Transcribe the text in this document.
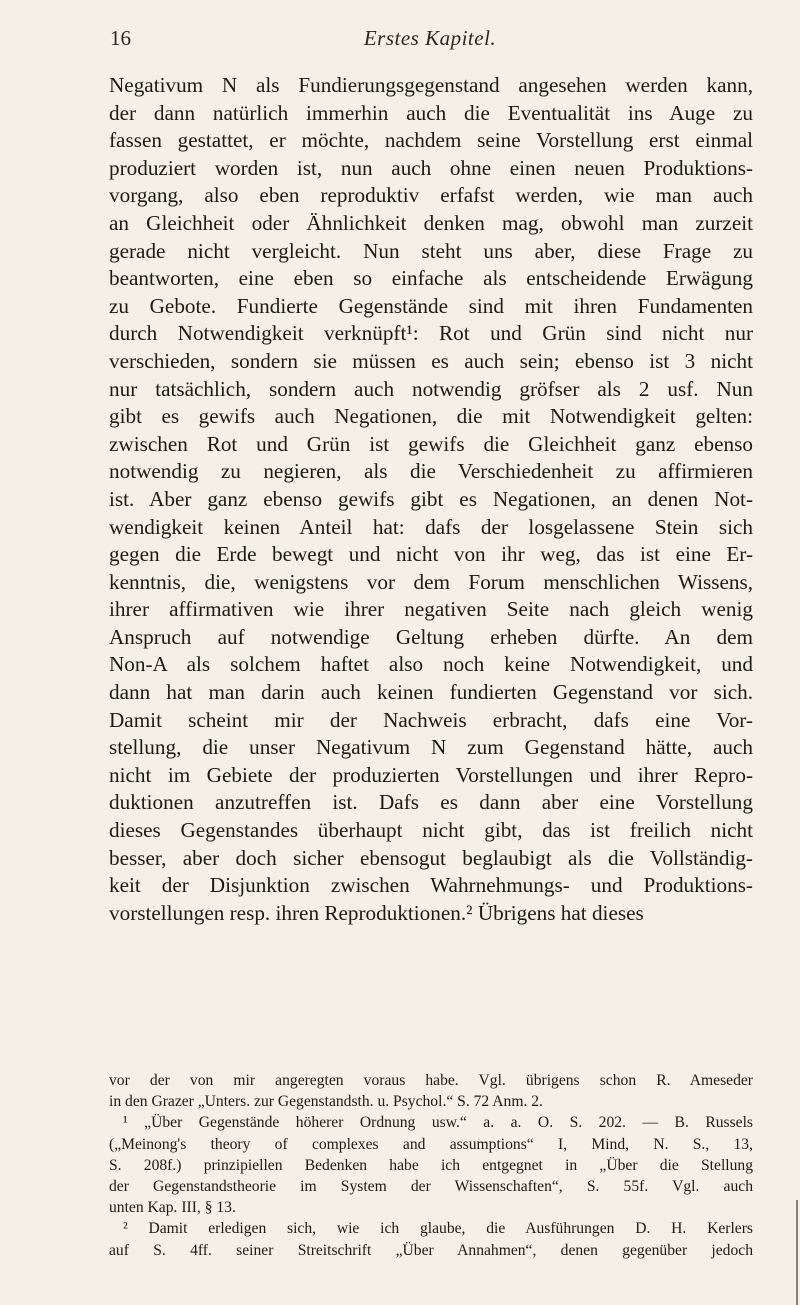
16	Erstes Kapitel.
Negativum N als Fundierungsgegenstand angesehen werden kann,
der dann natürlich immerhin auch die Eventualität ins Auge zu
fassen gestattet, er möchte, nachdem seine Vorstellung erst einmal
produziert worden ist, nun auch ohne einen neuen Produktions-
vorgang, also eben reproduktiv erfafst werden, wie man auch
an Gleichheit oder Ähnlichkeit denken mag, obwohl man zurzeit
gerade nicht vergleicht. Nun steht uns aber, diese Frage zu
beantworten, eine eben so einfache als entscheidende Erwägung
zu Gebote. Fundierte Gegenstände sind mit ihren Fundamenten
durch Notwendigkeit verknüpft¹: Rot und Grün sind nicht nur
verschieden, sondern sie müssen es auch sein; ebenso ist 3 nicht
nur tatsächlich, sondern auch notwendig gröfser als 2 usf. Nun
gibt es gewifs auch Negationen, die mit Notwendigkeit gelten:
zwischen Rot und Grün ist gewifs die Gleichheit ganz ebenso
notwendig zu negieren, als die Verschiedenheit zu affirmieren
ist. Aber ganz ebenso gewifs gibt es Negationen, an denen Not-
wendigkeit keinen Anteil hat: dafs der losgelassene Stein sich
gegen die Erde bewegt und nicht von ihr weg, das ist eine Er-
kenntnis, die, wenigstens vor dem Forum menschlichen Wissens,
ihrer affirmativen wie ihrer negativen Seite nach gleich wenig
Anspruch auf notwendige Geltung erheben dürfte. An dem
Non-A als solchem haftet also noch keine Notwendigkeit, und
dann hat man darin auch keinen fundierten Gegenstand vor sich.
Damit scheint mir der Nachweis erbracht, dafs eine Vor-
stellung, die unser Negativum N zum Gegenstand hätte, auch
nicht im Gebiete der produzierten Vorstellungen und ihrer Repro-
duktionen anzutreffen ist. Dafs es dann aber eine Vorstellung
dieses Gegenstandes überhaupt nicht gibt, das ist freilich nicht
besser, aber doch sicher ebensogut beglaubigt als die Vollständig-
keit der Disjunktion zwischen Wahrnehmungs- und Produktions-
vorstellungen resp. ihren Reproduktionen.² Übrigens hat dieses
vor der von mir angeregten voraus habe. Vgl. übrigens schon R. Ameseder
in den Grazer „Unters. zur Gegenstandsth. u. Psychol.“ S. 72 Anm. 2.
¹ „Über Gegenstände höherer Ordnung usw.“ a. a. O. S. 202. — B. Russels
(„Meinong's theory of complexes and assumptions“ I, Mind, N. S., 13,
S. 208f.) prinzipiellen Bedenken habe ich entgegnet in „Über die Stellung
der Gegenstandstheorie im System der Wissenschaften“, S. 55f. Vgl. auch
unten Kap. III, § 13.
² Damit erledigen sich, wie ich glaube, die Ausführungen D. H. Kerlers
auf S. 4ff. seiner Streitschrift „Über Annahmen“, denen gegenüber jedoch
